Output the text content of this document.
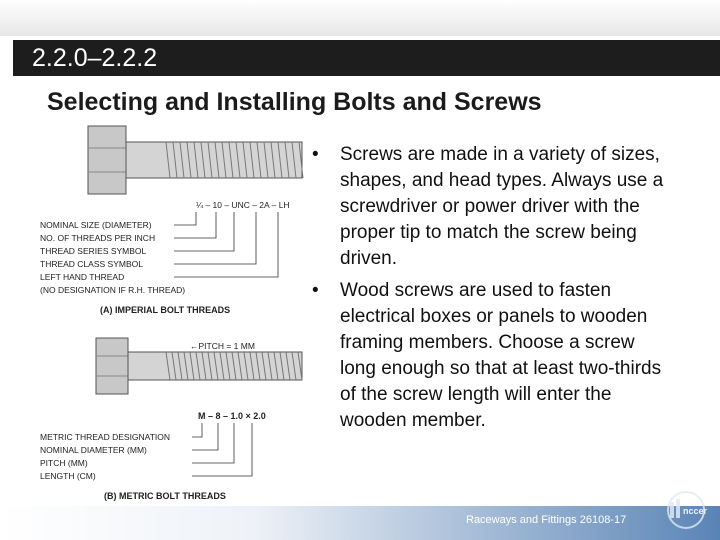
2.2.0–2.2.2
Selecting and Installing Bolts and Screws
¼ – 10 – UNC – 2A – LH
NOMINAL SIZE (DIAMETER)
NO. OF THREADS PER INCH
THREAD SERIES SYMBOL
THREAD CLASS SYMBOL
LEFT HAND THREAD
(NO DESIGNATION IF R.H. THREAD)
(A) IMPERIAL BOLT THREADS
←PITCH = 1 MM
M – 8 – 1.0 × 2.0
METRIC THREAD DESIGNATION
NOMINAL DIAMETER (MM)
PITCH (MM)
LENGTH (CM)
(B) METRIC BOLT THREADS
• Screws are made in a variety of sizes, shapes, and head types. Always use a screwdriver or power driver with the proper tip to match the screw being driven.
• Wood screws are used to fasten electrical boxes or panels to wooden framing members. Choose a screw long enough so that at least two-thirds of the screw length will enter the wooden member.
Raceways and Fittings 26108-17
nccer
